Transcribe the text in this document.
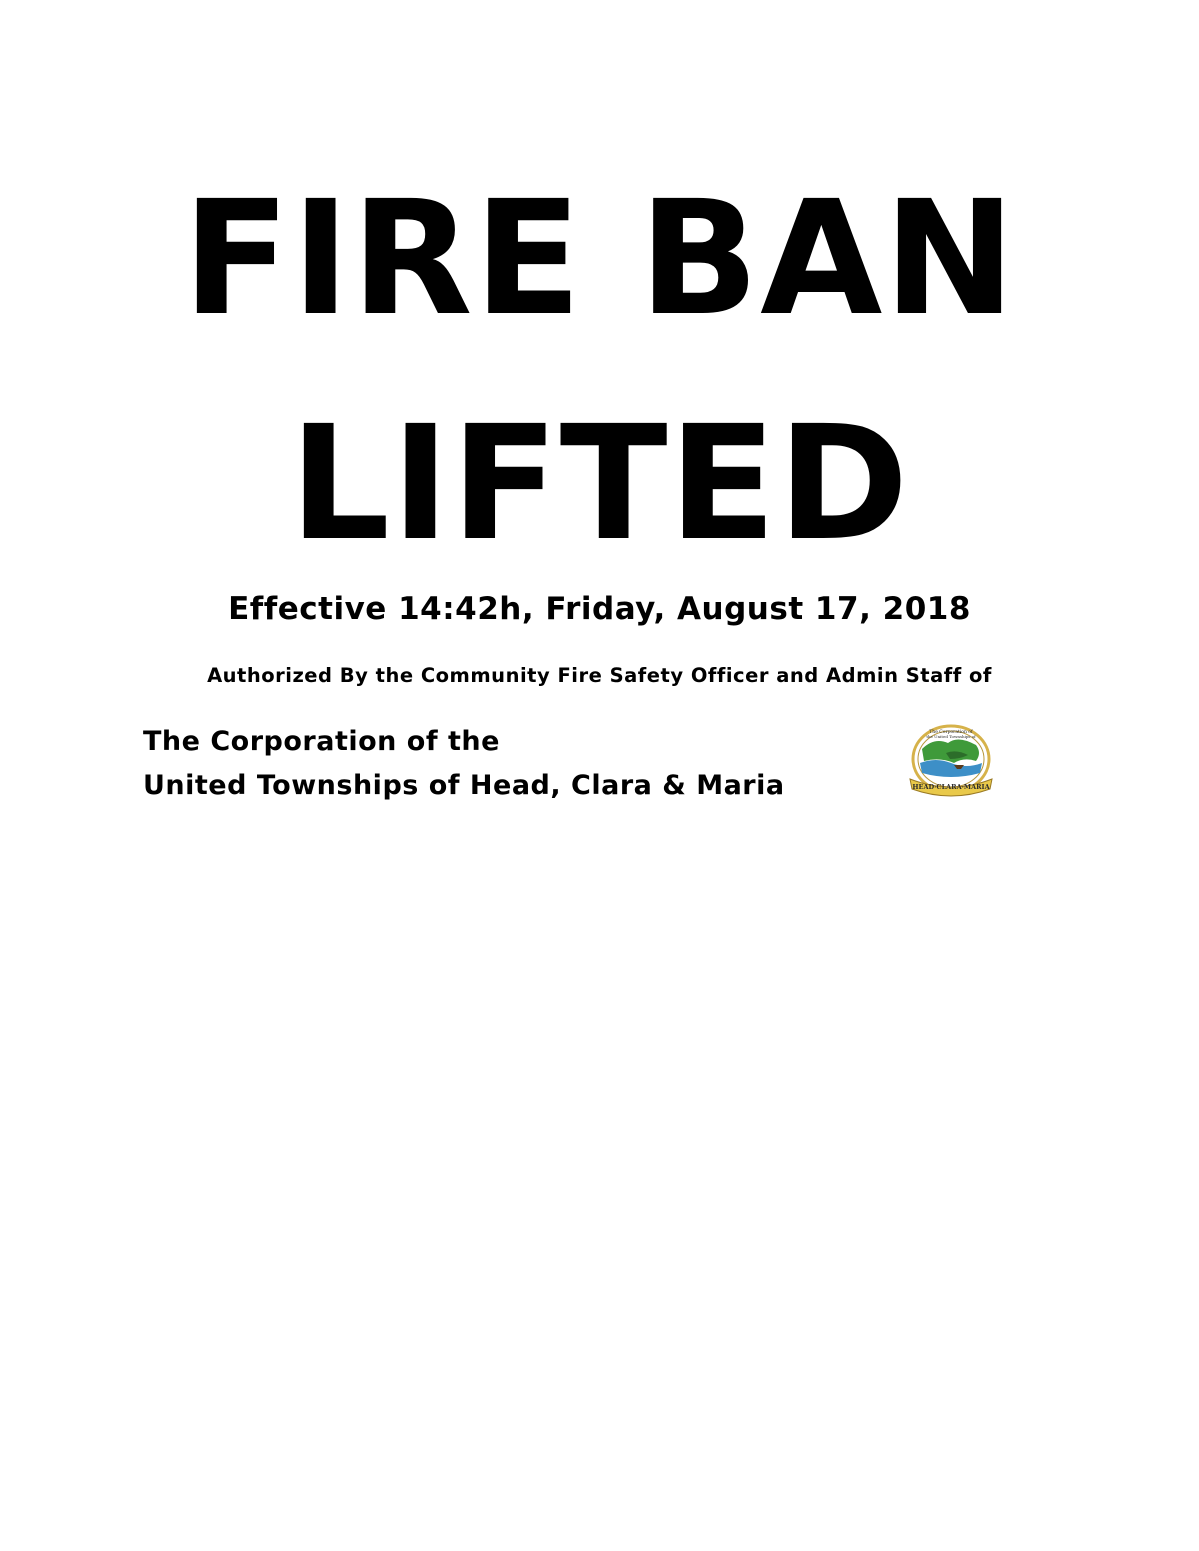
FIRE BAN
LIFTED
Effective 14:42h, Friday, August 17, 2018
Authorized By the Community Fire Safety Officer and Admin Staff of
The Corporation of the
United Townships of Head, Clara & Maria	HEAD·CLARA·MARIA
The Corporation of
the United Townships of
